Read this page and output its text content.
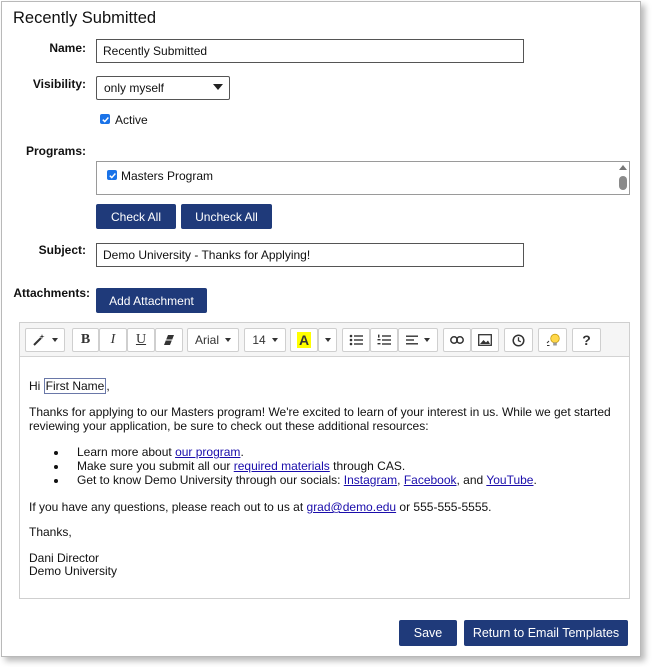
Recently Submitted
Name:
Recently Submitted
Visibility: only myself
Active
Programs:
Masters Program
Check All	Uncheck All
Subject:
Demo University - Thanks for Applying!
Attachments:
Add Attachment
B I U	Arial	14 A	?
Hi First Name ,
Thanks for applying to our Masters program! We're excited to learn of your interest in us. While we get started reviewing your application, be sure to check out these additional resources:
Learn more about our program.
Make sure you submit all our required materials through CAS.
Get to know Demo University through our socials: Instagram, Facebook, and YouTube.
If you have any questions, please reach out to us at grad@demo.edu or 555-555-5555.
Thanks,
Dani Director
Demo University
Save	Return to Email Templates
